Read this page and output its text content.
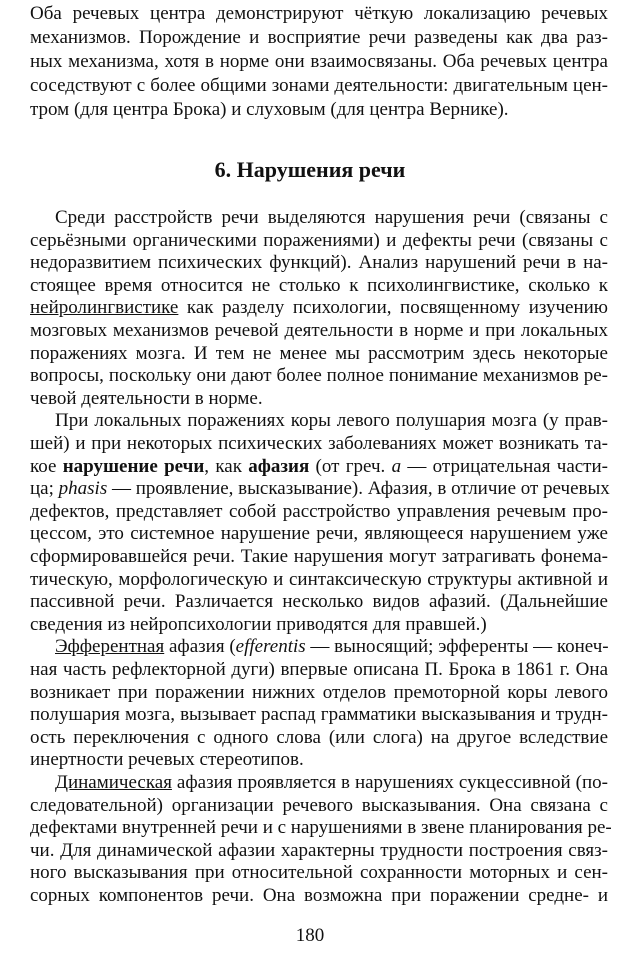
Оба речевых центра демонстрируют чёткую локализацию речевых
механизмов. Порождение и восприятие речи разведены как два раз-
ных механизма, хотя в норме они взаимосвязаны. Оба речевых центра
соседствуют с более общими зонами деятельности: двигательным цен-
тром (для центра Брока) и слуховым (для центра Вернике).
Среди расстройств речи выделяются нарушения речи (связаны с
серьёзными органическими поражениями) и дефекты речи (связаны с
недоразвитием психических функций). Анализ нарушений речи в на-
стоящее время относится не столько к психолингвистике, сколько к
нейролингвистике как разделу психологии, посвященному изучению
мозговых механизмов речевой деятельности в норме и при локальных
поражениях мозга. И тем не менее мы рассмотрим здесь некоторые
вопросы, поскольку они дают более полное понимание механизмов ре-
чевой деятельности в норме.
При локальных поражениях коры левого полушария мозга (у прав-
шей) и при некоторых психических заболеваниях может возникать та-
кое нарушение речи, как афазия (от греч. a — отрицательная части-
ца; phasis — проявление, высказывание). Афазия, в отличие от речевых
дефектов, представляет собой расстройство управления речевым про-
цессом, это системное нарушение речи, являющееся нарушением уже
сформировавшейся речи. Такие нарушения могут затрагивать фонема-
тическую, морфологическую и синтаксическую структуры активной и
пассивной речи. Различается несколько видов афазий. (Дальнейшие
сведения из нейропсихологии приводятся для правшей.)
Эфферентная афазия (efferentis — выносящий; эфференты — конеч-
ная часть рефлекторной дуги) впервые описана П. Брока в 1861 г. Она
возникает при поражении нижних отделов премоторной коры левого
полушария мозга, вызывает распад грамматики высказывания и трудн-
ость переключения с одного слова (или слога) на другое вследствие
инертности речевых стереотипов.
Динамическая афазия проявляется в нарушениях сукцессивной (по-
следовательной) организации речевого высказывания. Она связана с
дефектами внутренней речи и с нарушениями в звене планирования ре-
чи. Для динамической афазии характерны трудности построения связ-
ного высказывания при относительной сохранности моторных и сен-
сорных компонентов речи. Она возможна при поражении средне- и
6. Нарушения речи
180
